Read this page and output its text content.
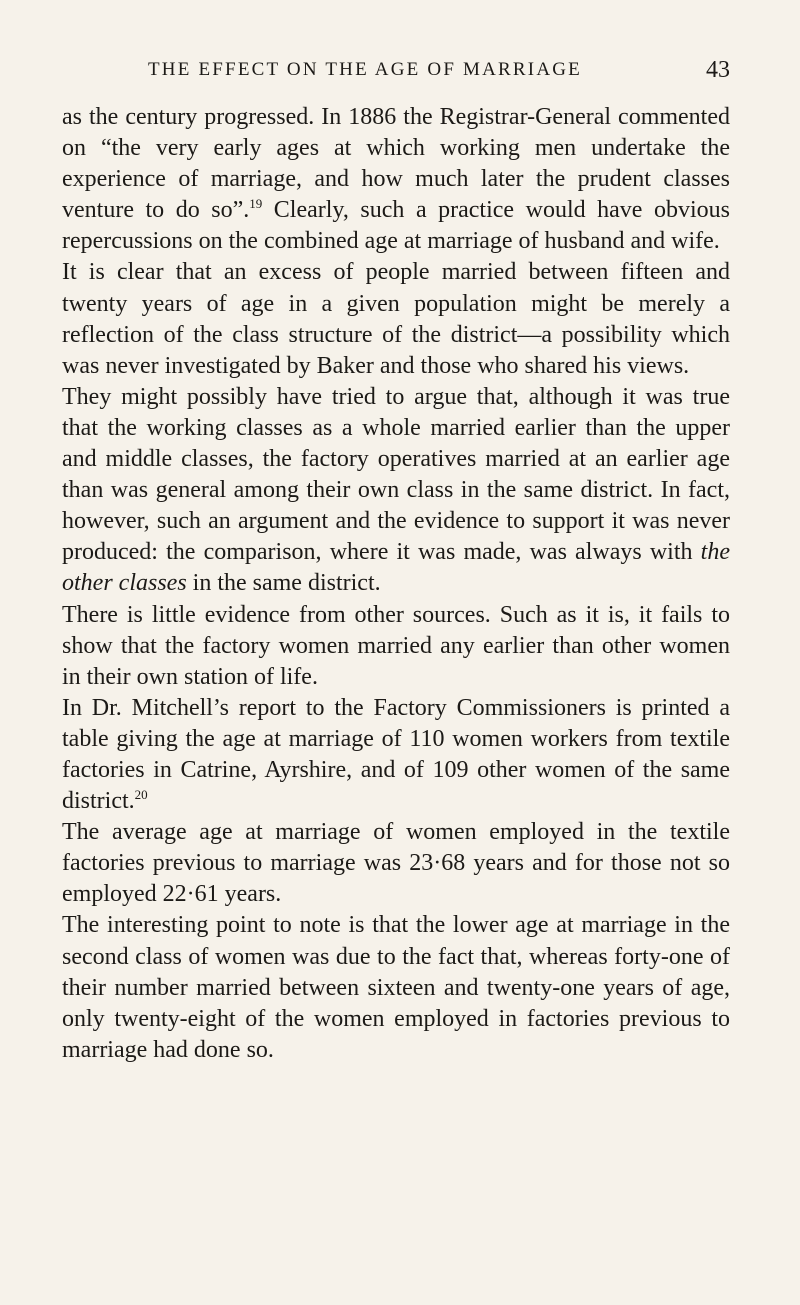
THE EFFECT ON THE AGE OF MARRIAGE	43

as the century progressed. In 1886 the Registrar-General commented on “the very early ages at which working men undertake the experience of marriage, and how much later the prudent classes venture to do so”.$^{19}$ Clearly, such a practice would have obvious repercussions on the combined age at marriage of husband and wife.

It is clear that an excess of people married between fifteen and twenty years of age in a given population might be merely a reflection of the class structure of the district—a possibility which was never investigated by Baker and those who shared his views.

They might possibly have tried to argue that, although it was true that the working classes as a whole married earlier than the upper and middle classes, the factory operatives married at an earlier age than was general among their own class in the same district. In fact, however, such an argument and the evidence to support it was never produced: the comparison, where it was made, was always with the other classes in the same district.

There is little evidence from other sources. Such as it is, it fails to show that the factory women married any earlier than other women in their own station of life.

In Dr. Mitchell’s report to the Factory Commissioners is printed a table giving the age at marriage of 110 women workers from textile factories in Catrine, Ayrshire, and of 109 other women of the same district.$^{20}$

The average age at marriage of women employed in the textile factories previous to marriage was 23·68 years and for those not so employed 22·61 years.

The interesting point to note is that the lower age at marriage in the second class of women was due to the fact that, whereas forty-one of their number married between sixteen and twenty-one years of age, only twenty-eight of the women employed in factories previous to marriage had done so.
